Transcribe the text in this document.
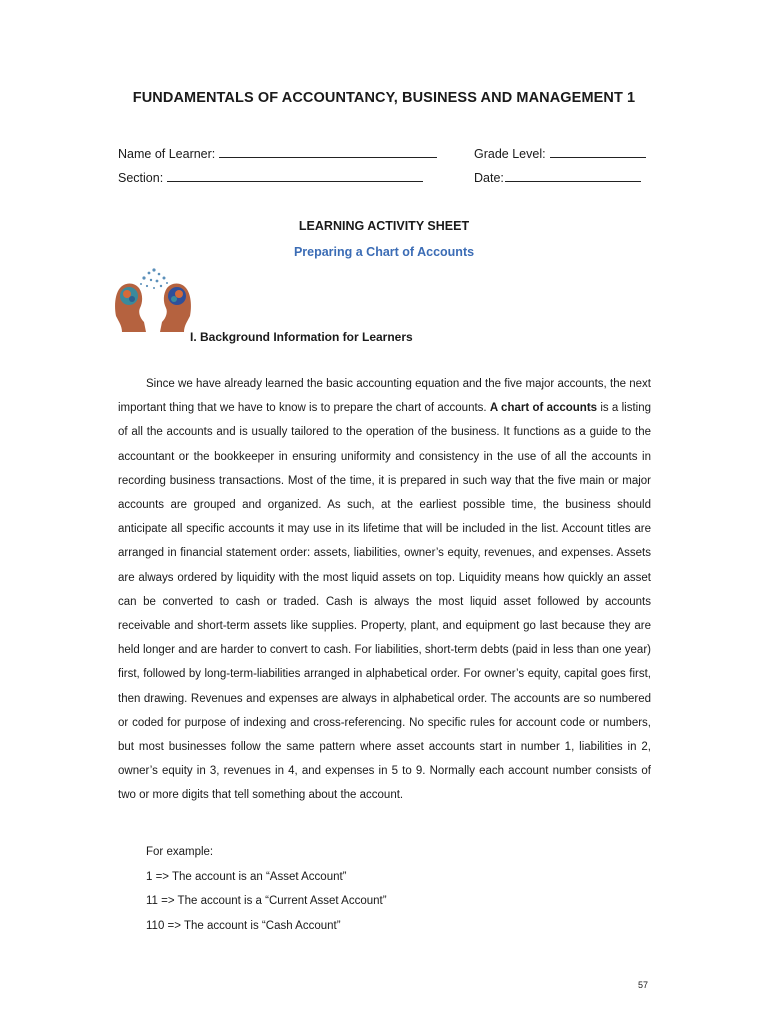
FUNDAMENTALS OF ACCOUNTANCY, BUSINESS AND MANAGEMENT 1
Name of Learner:	Grade Level:
Section:	Date:
LEARNING ACTIVITY SHEET
Preparing a Chart of Accounts
I. Background Information for Learners

Since we have already learned the basic accounting equation and the five major accounts, the next important thing that we have to know is to prepare the chart of accounts. A chart of accounts is a listing of all the accounts and is usually tailored to the operation of the business. It functions as a guide to the accountant or the bookkeeper in ensuring uniformity and consistency in the use of all the accounts in recording business transactions. Most of the time, it is prepared in such way that the five main or major accounts are grouped and organized. As such, at the earliest possible time, the business should anticipate all specific accounts it may use in its lifetime that will be included in the list. Account titles are arranged in financial statement order: assets, liabilities, owner’s equity, revenues, and expenses. Assets are always ordered by liquidity with the most liquid assets on top. Liquidity means how quickly an asset can be converted to cash or traded. Cash is always the most liquid asset followed by accounts receivable and short-term assets like supplies. Property, plant, and equipment go last because they are held longer and are harder to convert to cash. For liabilities, short-term debts (paid in less than one year) first, followed by long-term-liabilities arranged in alphabetical order. For owner’s equity, capital goes first, then drawing. Revenues and expenses are always in alphabetical order. The accounts are so numbered or coded for purpose of indexing and cross-referencing. No specific rules for account code or numbers, but most businesses follow the same pattern where asset accounts start in number 1, liabilities in 2, owner’s equity in 3, revenues in 4, and expenses in 5 to 9. Normally each account number consists of two or more digits that tell something about the account.

For example:
1 => The account is an “Asset Account”
11 => The account is a “Current Asset Account”
110 => The account is “Cash Account”
57
